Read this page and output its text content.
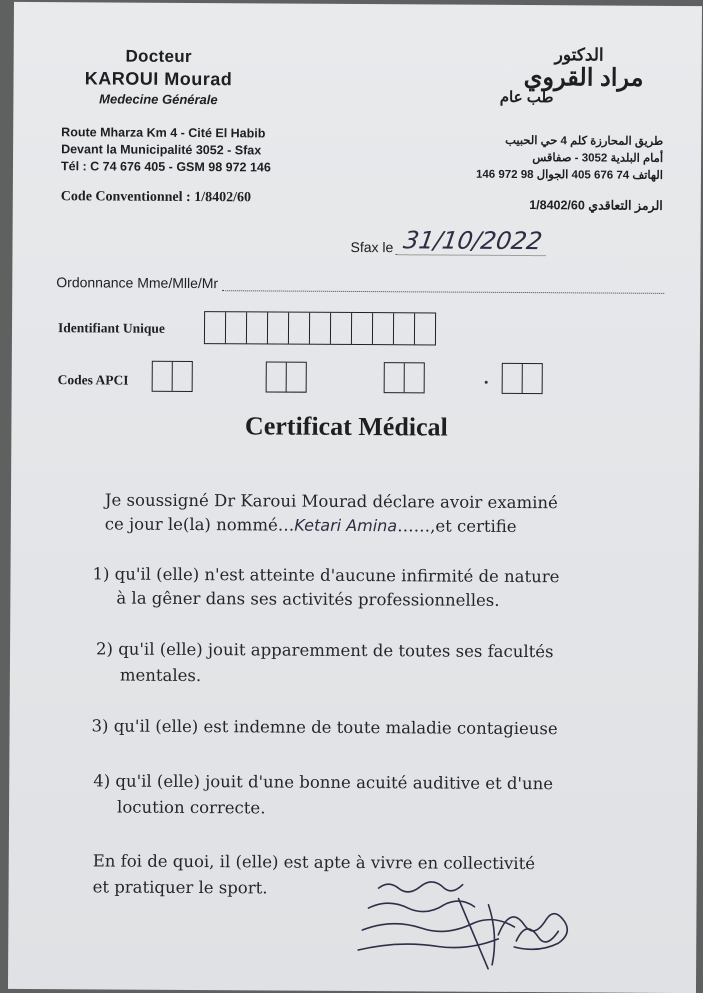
Docteur
KAROUI Mourad
Medecine Générale
Route Mharza Km 4 - Cité El Habib
Devant la Municipalité 3052 - Sfax
Tél : C 74 676 405 - GSM 98 972 146
Code Conventionnel : 1/8402/60
الدكتور
مراد القروي
طب عام
طريق المحارزة كلم 4 حي الحبيب
أمام البلدية 3052 - صفاقس
الهاتف 74 676 405 الجوال 98 972 146
الرمز التعاقدي 1/8402/60
Sfax le 31/10/2022
Ordonnance Mme/Mlle/Mr
Identifiant Unique
Codes APCI
Certificat Médical
Je soussigné Dr Karoui Mourad déclare avoir examiné
ce jour le(la) nommé…Ketari Amina……,et certifie
1) qu'il (elle) n'est atteinte d'aucune infirmité de nature
à la gêner dans ses activités professionnelles.
2) qu'il (elle) jouit apparemment de toutes ses facultés
mentales.
3) qu'il (elle) est indemne de toute maladie contagieuse
4) qu'il (elle) jouit d'une bonne acuité auditive et d'une
locution correcte.
En foi de quoi, il (elle) est apte à vivre en collectivité
et pratiquer le sport.
